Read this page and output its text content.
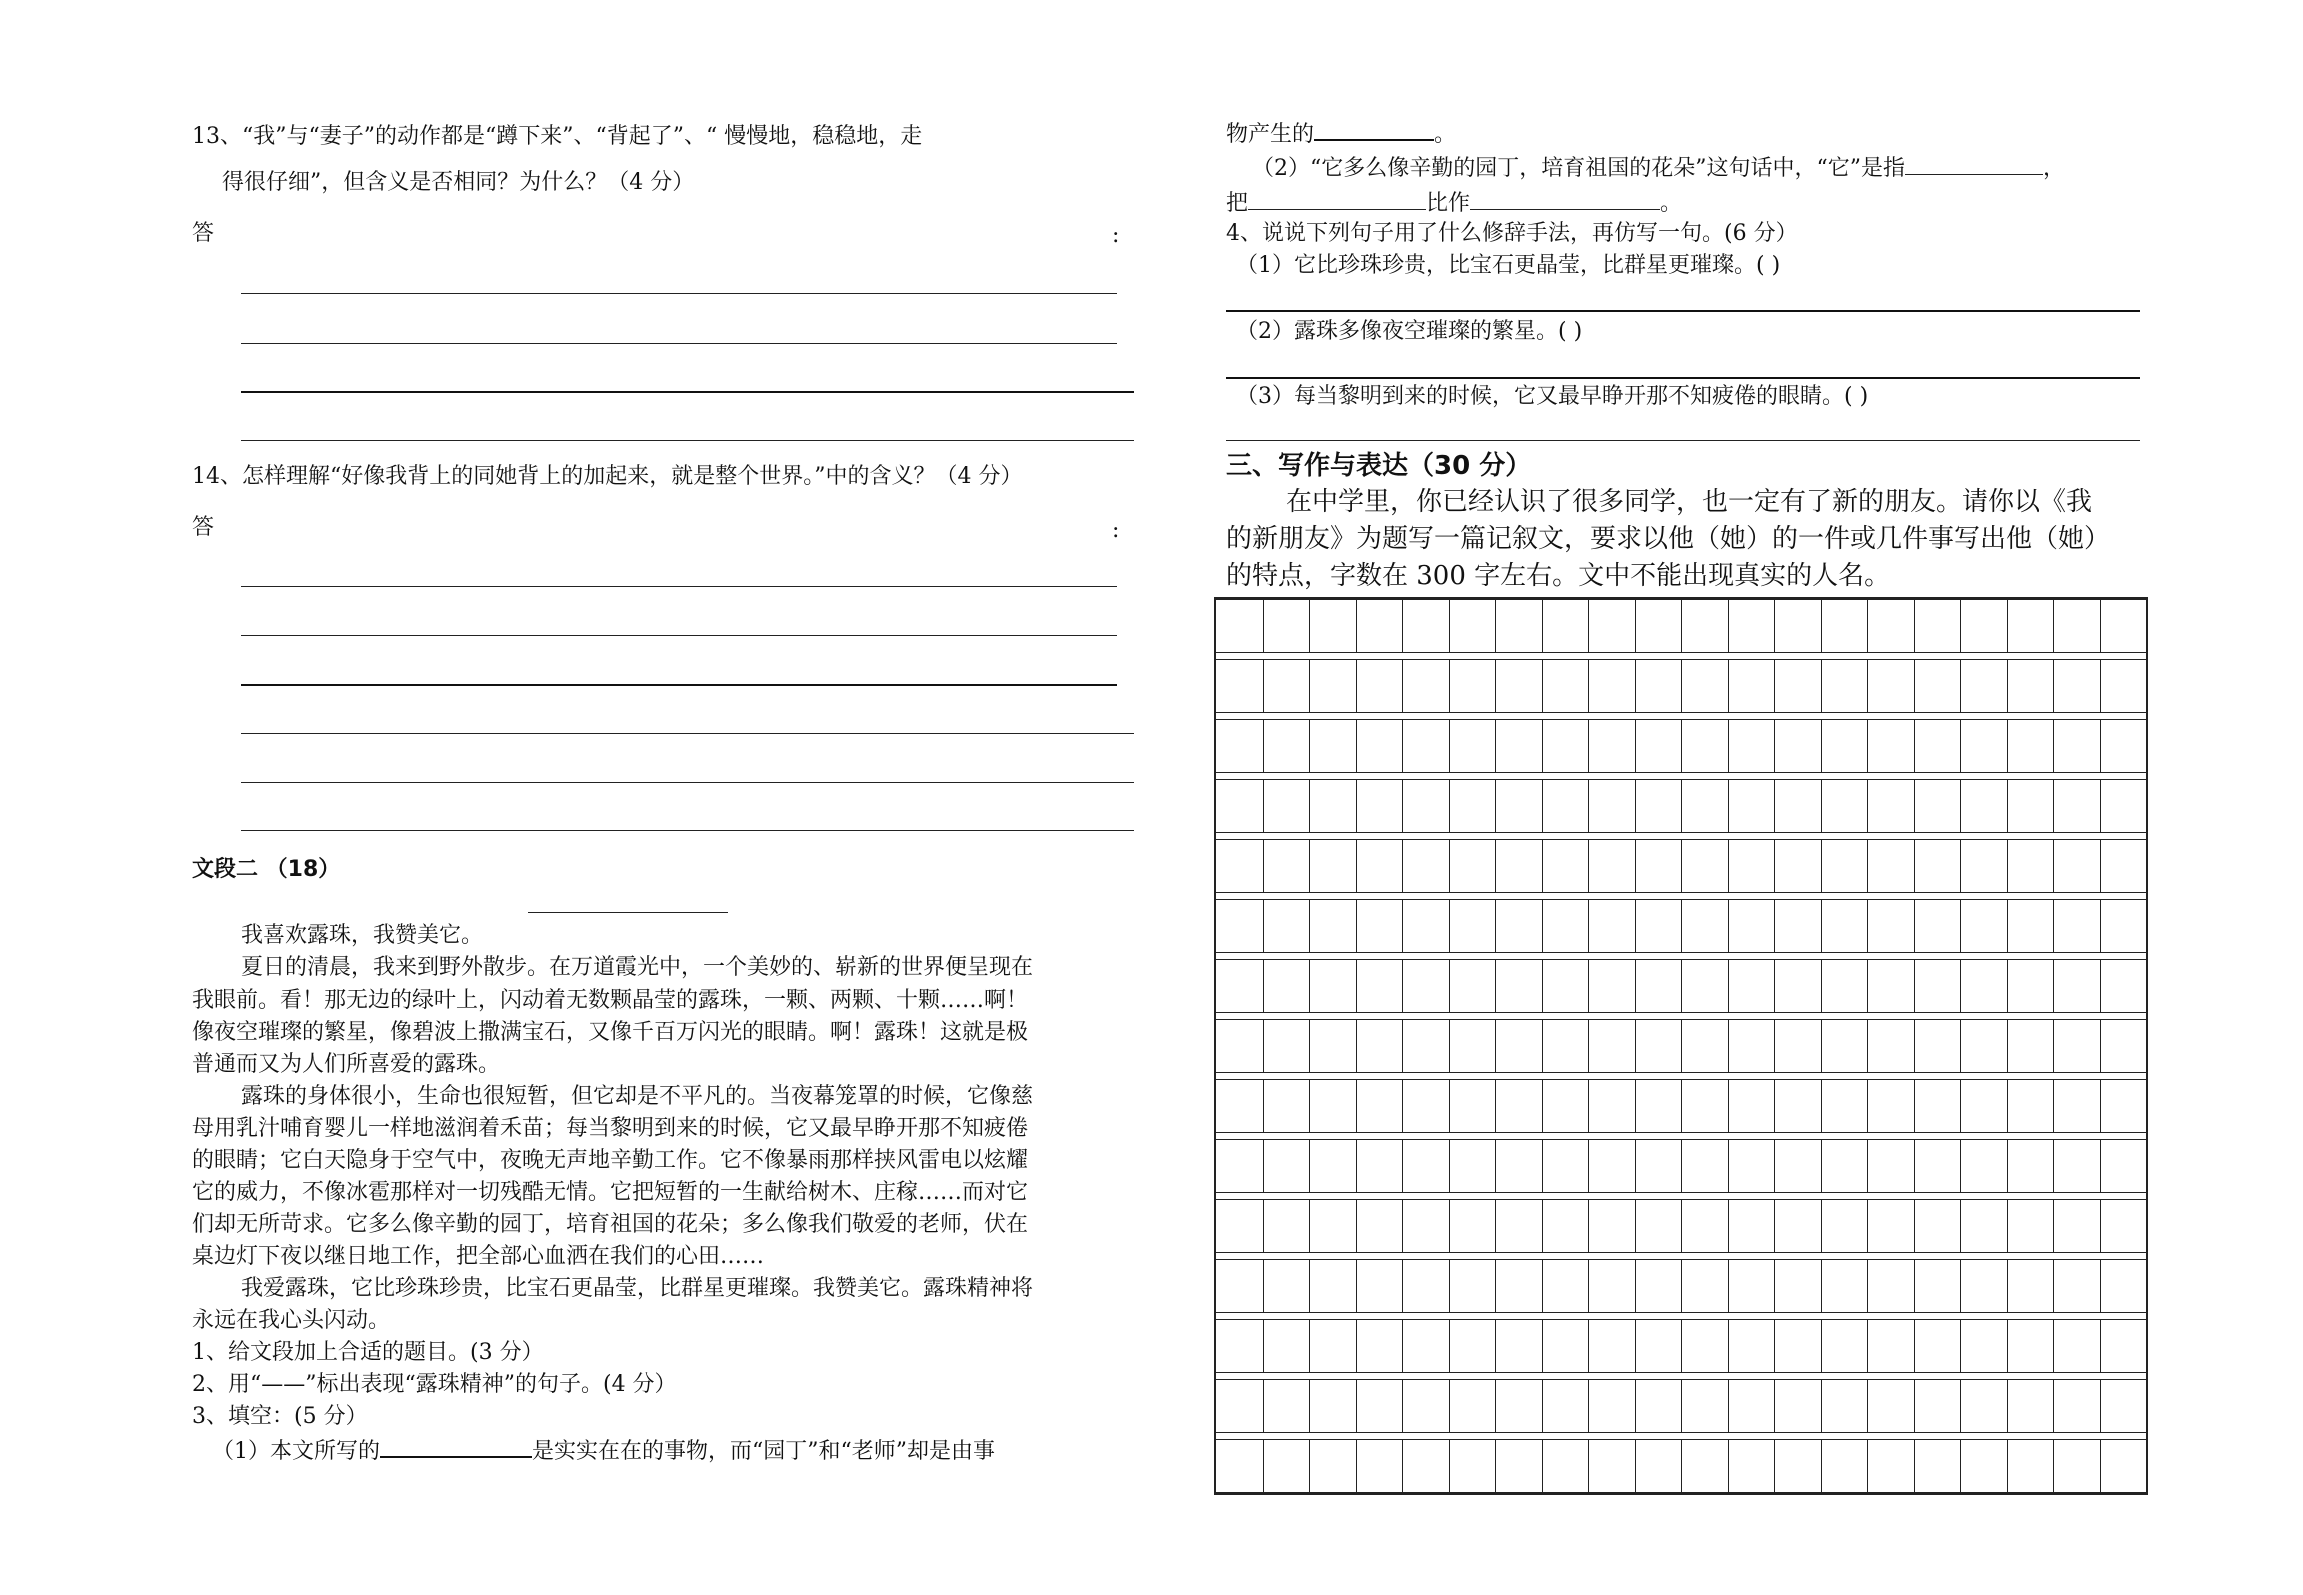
13、“我”与“妻子”的动作都是“蹲下来”、“背起了”、“ 慢慢地，稳稳地，走
得很仔细”，但含义是否相同？为什么？（4 分）
答	:
14、怎样理解“好像我背上的同她背上的加起来，就是整个世界。”中的含义？（4 分）
答	:
文段二 （18）
我喜欢露珠，我赞美它。
夏日的清晨，我来到野外散步。在万道霞光中，一个美妙的、崭新的世界便呈现在
我眼前。看！那无边的绿叶上，闪动着无数颗晶莹的露珠，一颗、两颗、十颗……啊！
像夜空璀璨的繁星，像碧波上撒满宝石，又像千百万闪光的眼睛。啊！露珠！这就是极
普通而又为人们所喜爱的露珠。
露珠的身体很小，生命也很短暂，但它却是不平凡的。当夜幕笼罩的时候，它像慈
母用乳汁哺育婴儿一样地滋润着禾苗；每当黎明到来的时候，它又最早睁开那不知疲倦
的眼睛；它白天隐身于空气中，夜晚无声地辛勤工作。它不像暴雨那样挟风雷电以炫耀
它的威力，不像冰雹那样对一切残酷无情。它把短暂的一生献给树木、庄稼……而对它
们却无所苛求。它多么像辛勤的园丁，培育祖国的花朵；多么像我们敬爱的老师，伏在
桌边灯下夜以继日地工作，把全部心血洒在我们的心田……
我爱露珠，它比珍珠珍贵，比宝石更晶莹，比群星更璀璨。我赞美它。露珠精神将
永远在我心头闪动。
1、给文段加上合适的题目。(3 分）
2、用“——”标出表现“露珠精神”的句子。(4 分）
3、填空：(5 分）
（1）本文所写的	是实实在在的事物，而“园丁”和“老师”却是由事
物产生的	。
（2）“它多么像辛勤的园丁，培育祖国的花朵”这句话中，“它”是指	，
把	比作	。
4、说说下列句子用了什么修辞手法，再仿写一句。(6 分）
（1）它比珍珠珍贵，比宝石更晶莹，比群星更璀璨。( )
（2）露珠多像夜空璀璨的繁星。( )
（3）每当黎明到来的时候，它又最早睁开那不知疲倦的眼睛。( )
三、写作与表达（30 分）
在中学里，你已经认识了很多同学，也一定有了新的朋友。请你以《我
的新朋友》为题写一篇记叙文，要求以他（她）的一件或几件事写出他（她）
的特点，字数在 300 字左右。文中不能出现真实的人名。
